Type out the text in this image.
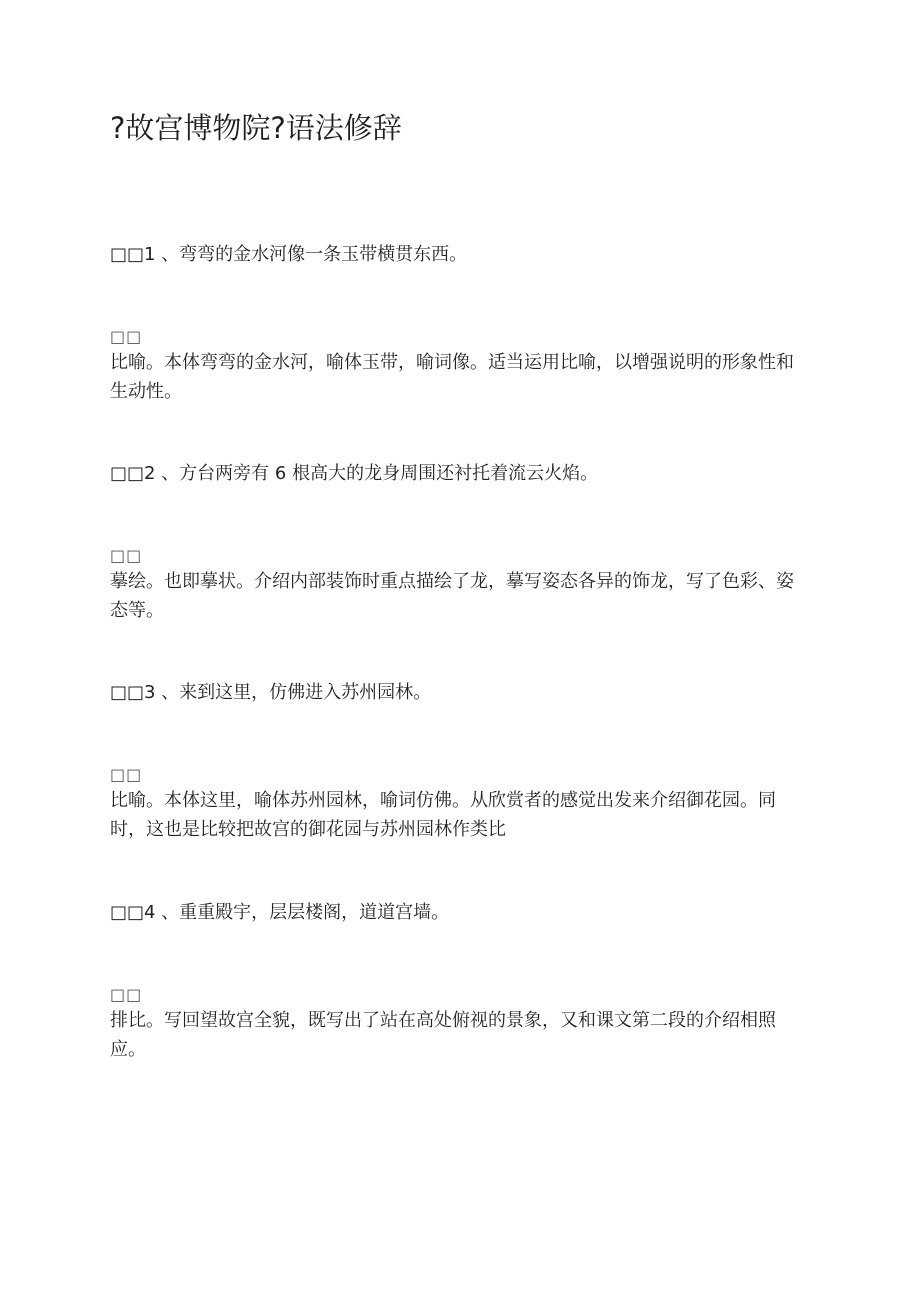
?故宫博物院?语法修辞
□□1 、弯弯的金水河像一条玉带横贯东西。
□□
比喻。本体弯弯的金水河，喻体玉带，喻词像。适当运用比喻，以增强说明的形象性和生动性。
□□2 、方台两旁有 6 根高大的龙身周围还衬托着流云火焰。
□□
摹绘。也即摹状。介绍内部装饰时重点描绘了龙，摹写姿态各异的饰龙，写了色彩、姿态等。
□□3 、来到这里，仿佛进入苏州园林。
□□
比喻。本体这里，喻体苏州园林，喻词仿佛。从欣赏者的感觉出发来介绍御花园。同时，这也是比较把故宫的御花园与苏州园林作类比
□□4 、重重殿宇，层层楼阁，道道宫墙。
□□
排比。写回望故宫全貌，既写出了站在高处俯视的景象，又和课文第二段的介绍相照应。
